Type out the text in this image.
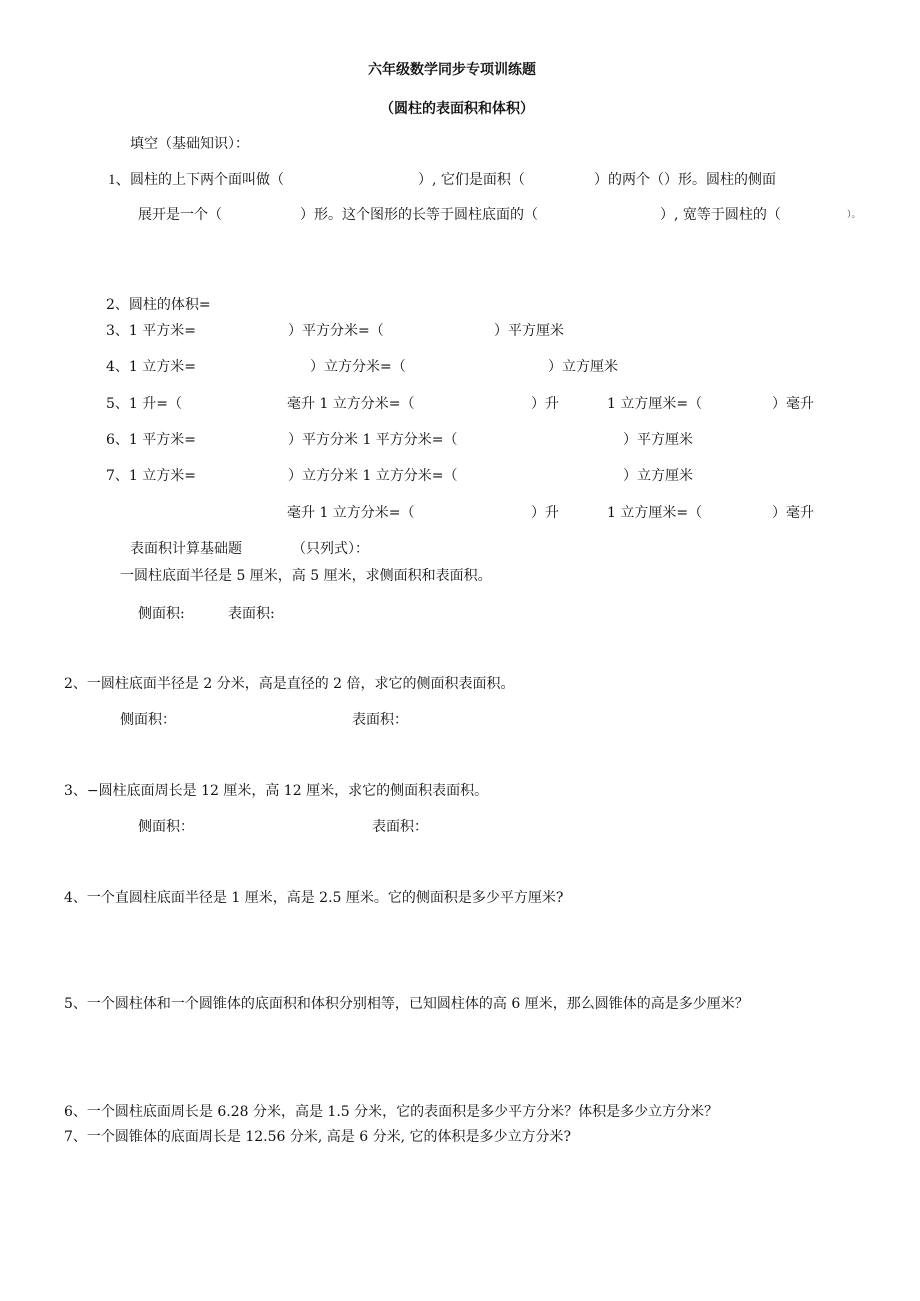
六年级数学同步专项训练题
（圆柱的表面积和体积）
填空（基础知识）：
1、 圆柱的上下两个面叫做（	）, 它们是面积（	）的两个（）形。圆柱的侧面
展开是一个（	）形。这个图形的长等于圆柱底面的（	）, 宽等于圆柱的（	）。
2、圆柱的体积=
3、1 平方米=	）平方分米=（	）平方厘米
4、1 立方米=	）立方分米=（	）立方厘米
5、1 升=（	毫升 1 立方分米=（	）升	1 立方厘米=（	）毫升
6、1 平方米=	）平方分米 1 平方分米=（	）平方厘米
7、1 立方米=	）立方分米 1 立方分米=（	）立方厘米
毫升 1 立方分米=（	）升	1 立方厘米=（	）毫升
表面积计算基础题	（只列式）：
一圆柱底面半径是 5 厘米，高 5 厘米，求侧面积和表面积。
侧面积:	表面积:
2、一圆柱底面半径是 2 分米，高是直径的 2 倍，求它的侧面积表面积。
侧面积：	表面积：
3、−圆柱底面周长是 12 厘米，高 12 厘米，求它的侧面积表面积。
侧面积：	表面积：
4、一个直圆柱底面半径是 1 厘米，高是 2.5 厘米。它的侧面积是多少平方厘米?
5、一个圆柱体和一个圆锥体的底面积和体积分别相等，已知圆柱体的高 6 厘米，那么圆锥体的高是多少厘米？
6、一个圆柱底面周长是 6.28 分米，高是 1.5 分米，它的表面积是多少平方分米？体积是多少立方分米？
7、一个圆锥体的底面周长是 12.56 分米, 高是 6 分米, 它的体积是多少立方分米?
